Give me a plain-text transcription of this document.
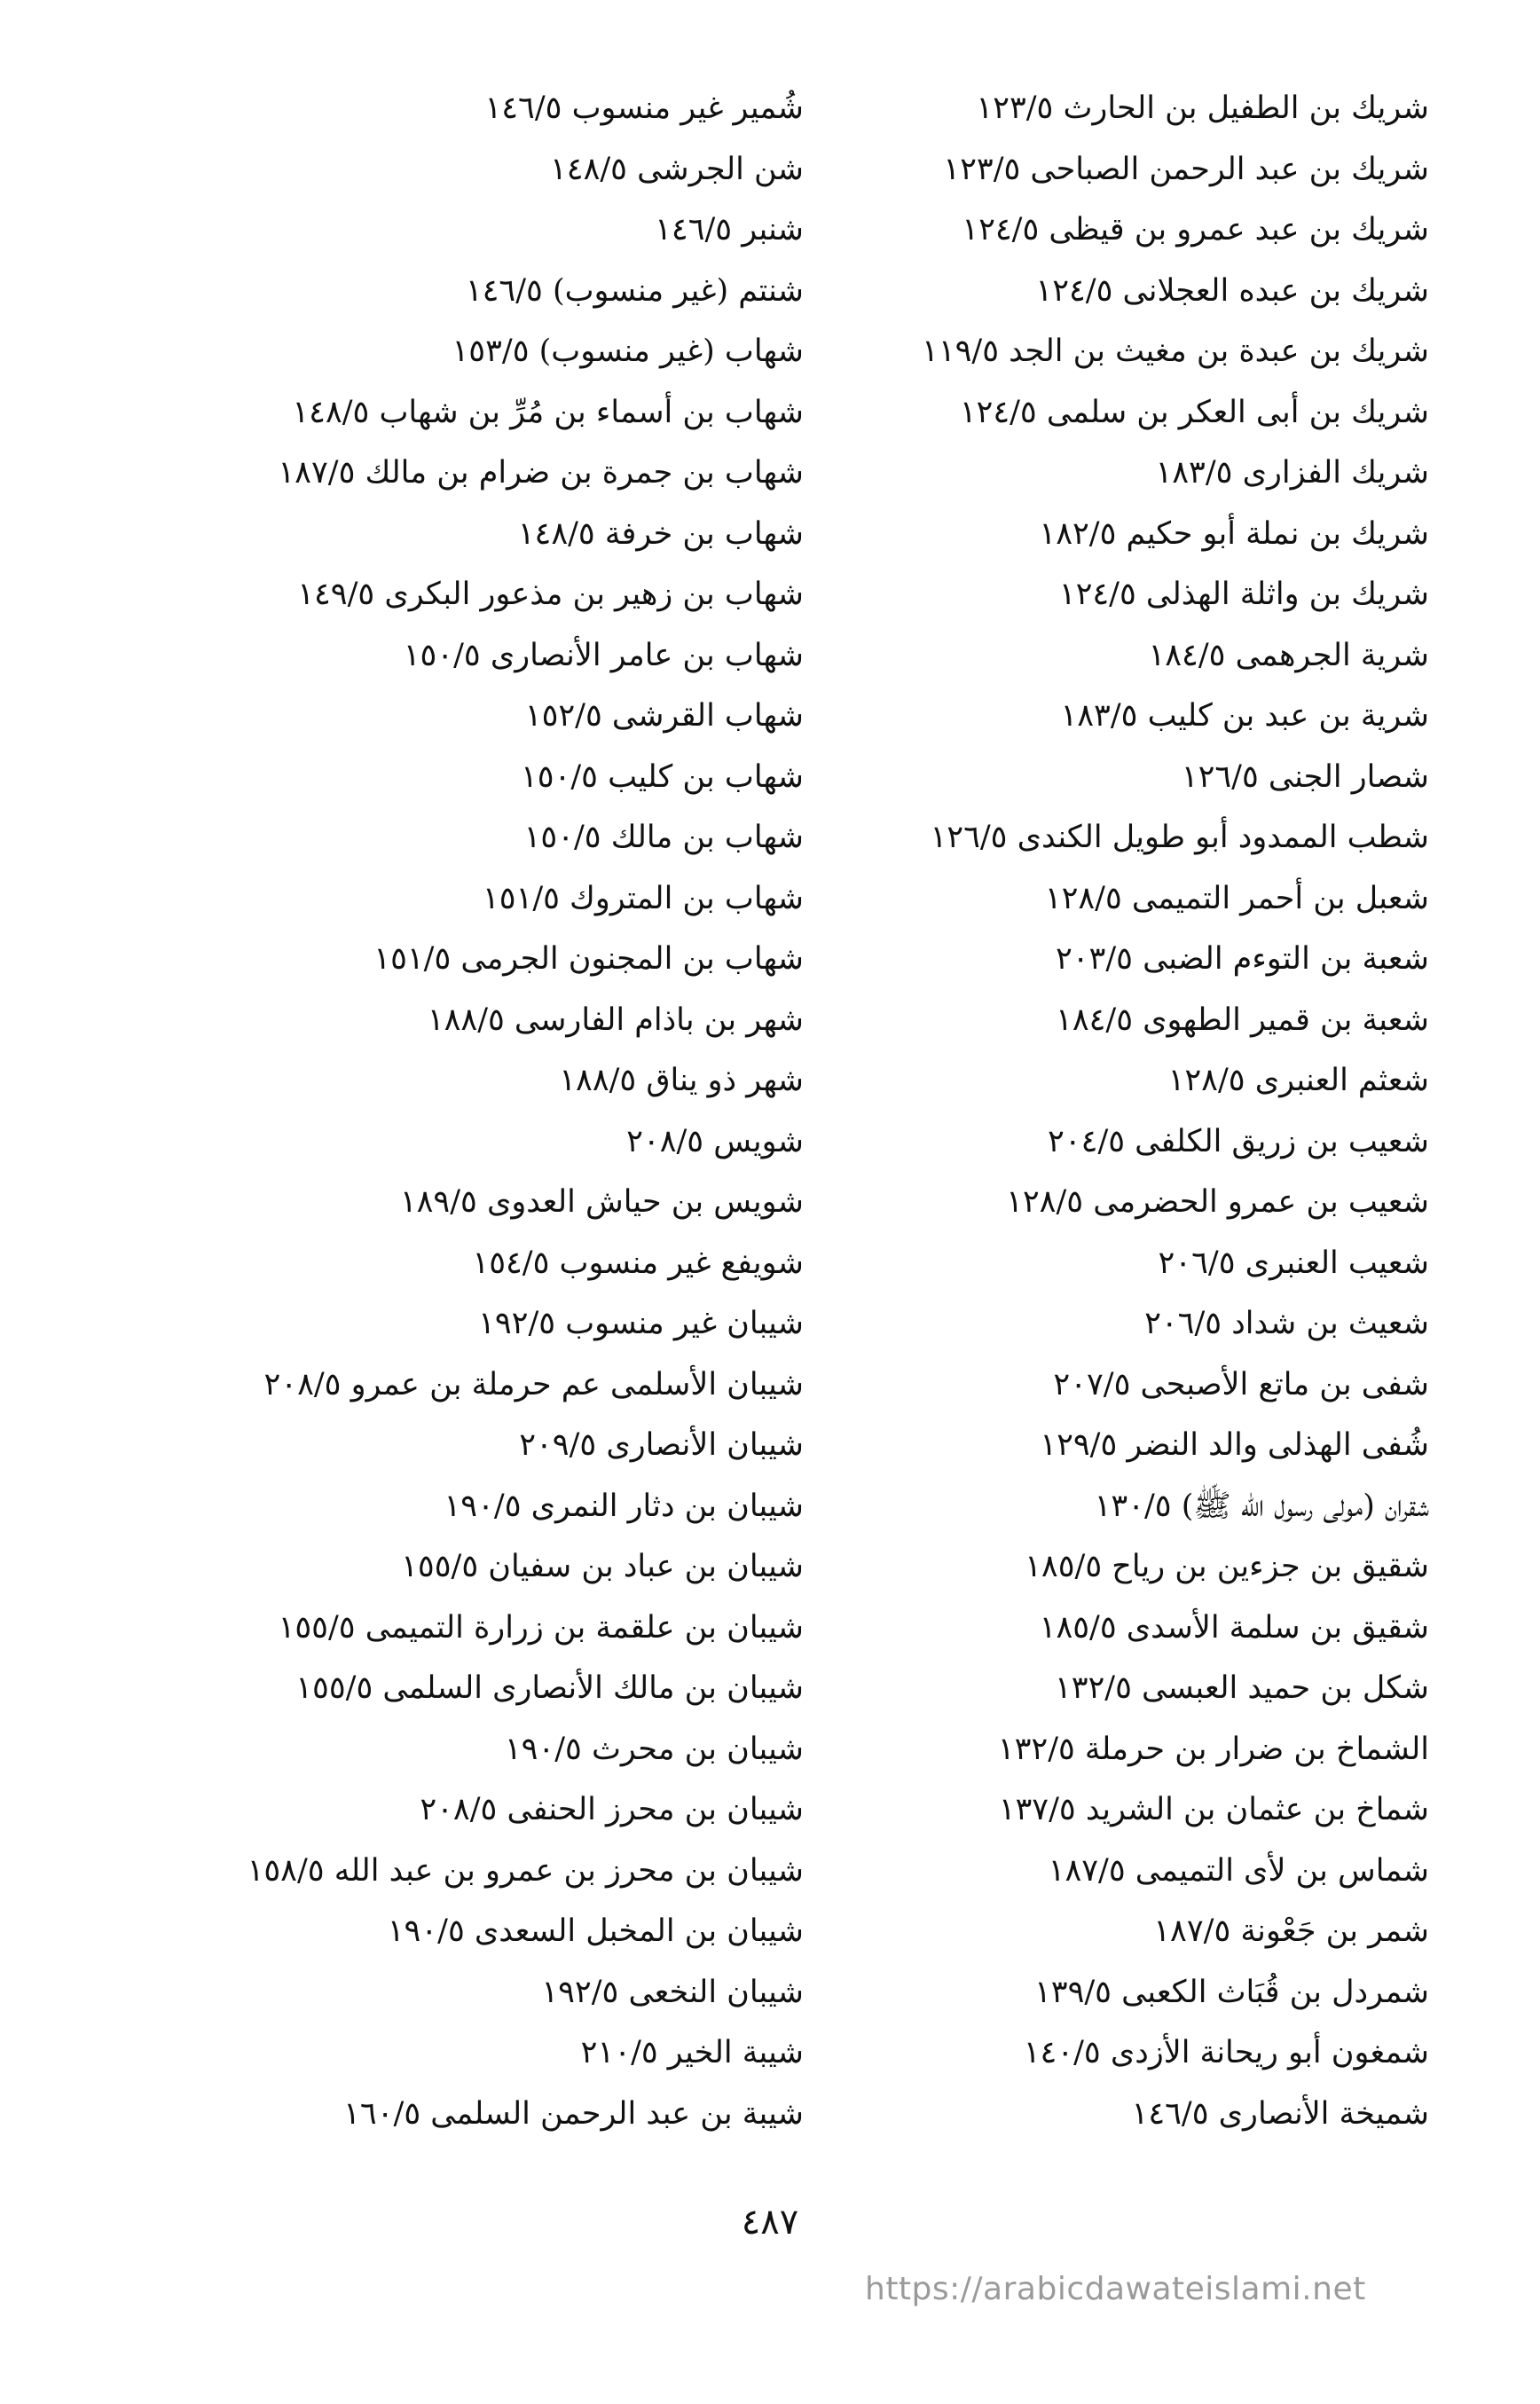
شريك بن الطفيل بن الحارث ١٢٣/٥
شريك بن عبد الرحمن الصباحى ١٢٣/٥
شريك بن عبد عمرو بن قيظى ١٢٤/٥
شريك بن عبده العجلانى ١٢٤/٥
شريك بن عبدة بن مغيث بن الجد ١١٩/٥
شريك بن أبى العكر بن سلمى ١٢٤/٥
شريك الفزارى ١٨٣/٥
شريك بن نملة أبو حكيم ١٨٢/٥
شريك بن واثلة الهذلى ١٢٤/٥
شرية الجرهمى ١٨٤/٥
شرية بن عبد بن كليب ١٨٣/٥
شصار الجنى ١٢٦/٥
شطب الممدود أبو طويل الكندى ١٢٦/٥
شعبل بن أحمر التميمى ١٢٨/٥
شعبة بن التوءم الضبى ٢٠٣/٥
شعبة بن قمير الطهوى ١٨٤/٥
شعثم العنبرى ١٢٨/٥
شعيب بن زريق الكلفى ٢٠٤/٥
شعيب بن عمرو الحضرمى ١٢٨/٥
شعيب العنبرى ٢٠٦/٥
شعيث بن شداد ٢٠٦/٥
شفى بن ماتع الأصبحى ٢٠٧/٥
شُفى الهذلى والد النضر ١٢٩/٥
شقران (مولى رسول الله ﷺ) ١٣٠/٥
شقيق بن جزءين بن رياح ١٨٥/٥
شقيق بن سلمة الأسدى ١٨٥/٥
شكل بن حميد العبسى ١٣٢/٥
الشماخ بن ضرار بن حرملة ١٣٢/٥
شماخ بن عثمان بن الشريد ١٣٧/٥
شماس بن لأى التميمى ١٨٧/٥
شمر بن جَعْونة ١٨٧/٥
شمردل بن قُبَاث الكعبى ١٣٩/٥
شمغون أبو ريحانة الأزدى ١٤٠/٥
شميخة الأنصارى ١٤٦/٥
شُمير غير منسوب ١٤٦/٥
شن الجرشى ١٤٨/٥
شنبر ١٤٦/٥
شنتم (غير منسوب) ١٤٦/٥
شهاب (غير منسوب) ١٥٣/٥
شهاب بن أسماء بن مُرِّ بن شهاب ١٤٨/٥
شهاب بن جمرة بن ضرام بن مالك ١٨٧/٥
شهاب بن خرفة ١٤٨/٥
شهاب بن زهير بن مذعور البكرى ١٤٩/٥
شهاب بن عامر الأنصارى ١٥٠/٥
شهاب القرشى ١٥٢/٥
شهاب بن كليب ١٥٠/٥
شهاب بن مالك ١٥٠/٥
شهاب بن المتروك ١٥١/٥
شهاب بن المجنون الجرمى ١٥١/٥
شهر بن باذام الفارسى ١٨٨/٥
شهر ذو يناق ١٨٨/٥
شويس ٢٠٨/٥
شويس بن حياش العدوى ١٨٩/٥
شويفع غير منسوب ١٥٤/٥
شيبان غير منسوب ١٩٢/٥
شيبان الأسلمى عم حرملة بن عمرو ٢٠٨/٥
شيبان الأنصارى ٢٠٩/٥
شيبان بن دثار النمرى ١٩٠/٥
شيبان بن عباد بن سفيان ١٥٥/٥
شيبان بن علقمة بن زرارة التميمى ١٥٥/٥
شيبان بن مالك الأنصارى السلمى ١٥٥/٥
شيبان بن محرث ١٩٠/٥
شيبان بن محرز الحنفى ٢٠٨/٥
شيبان بن محرز بن عمرو بن عبد الله ١٥٨/٥
شيبان بن المخبل السعدى ١٩٠/٥
شيبان النخعى ١٩٢/٥
شيبة الخير ٢١٠/٥
شيبة بن عبد الرحمن السلمى ١٦٠/٥
٤٨٧
https://arabicdawateislami.net
